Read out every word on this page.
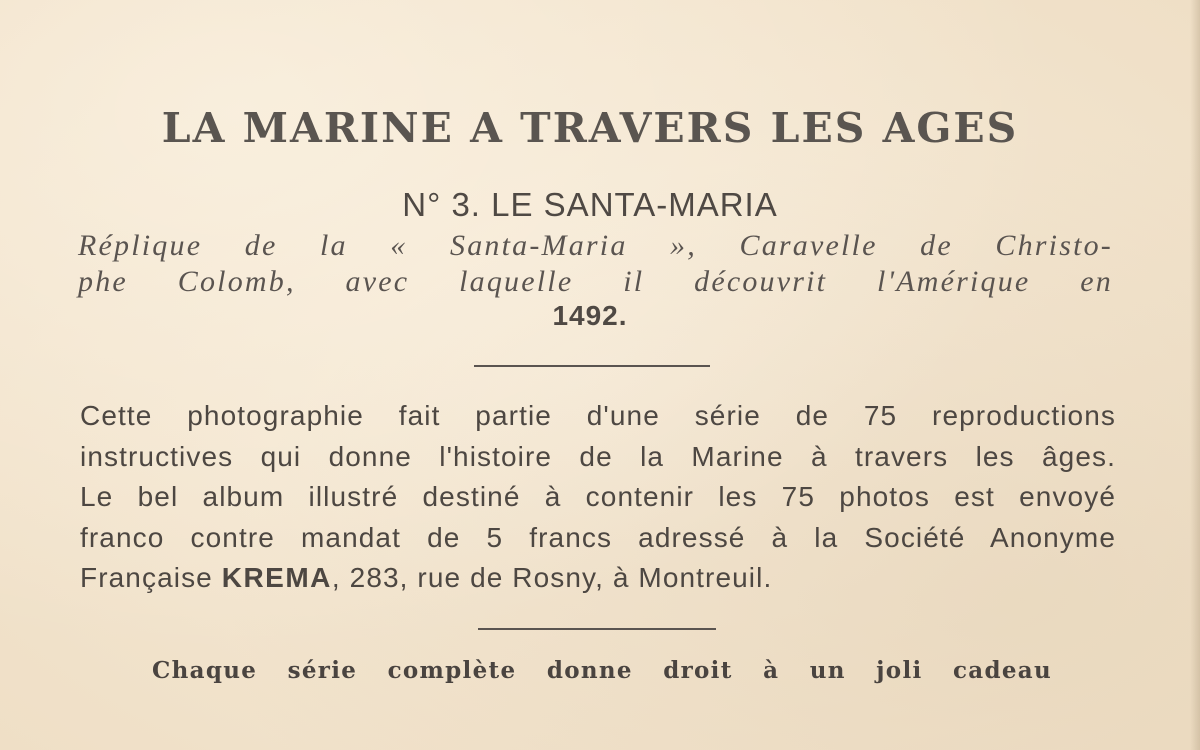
LA MARINE A TRAVERS LES AGES
N° 3. LE SANTA-MARIA
Réplique de la « Santa-Maria », Caravelle de Christo-
phe Colomb, avec laquelle il découvrit l'Amérique en
1492.
Cette photographie fait partie d'une série de 75 reproductions
instructives qui donne l'histoire de la Marine à travers les âges.
Le bel album illustré destiné à contenir les 75 photos est envoyé
franco contre mandat de 5 francs adressé à la Société Anonyme
Française KREMA, 283, rue de Rosny, à Montreuil.
Chaque série complète donne droit à un joli cadeau
